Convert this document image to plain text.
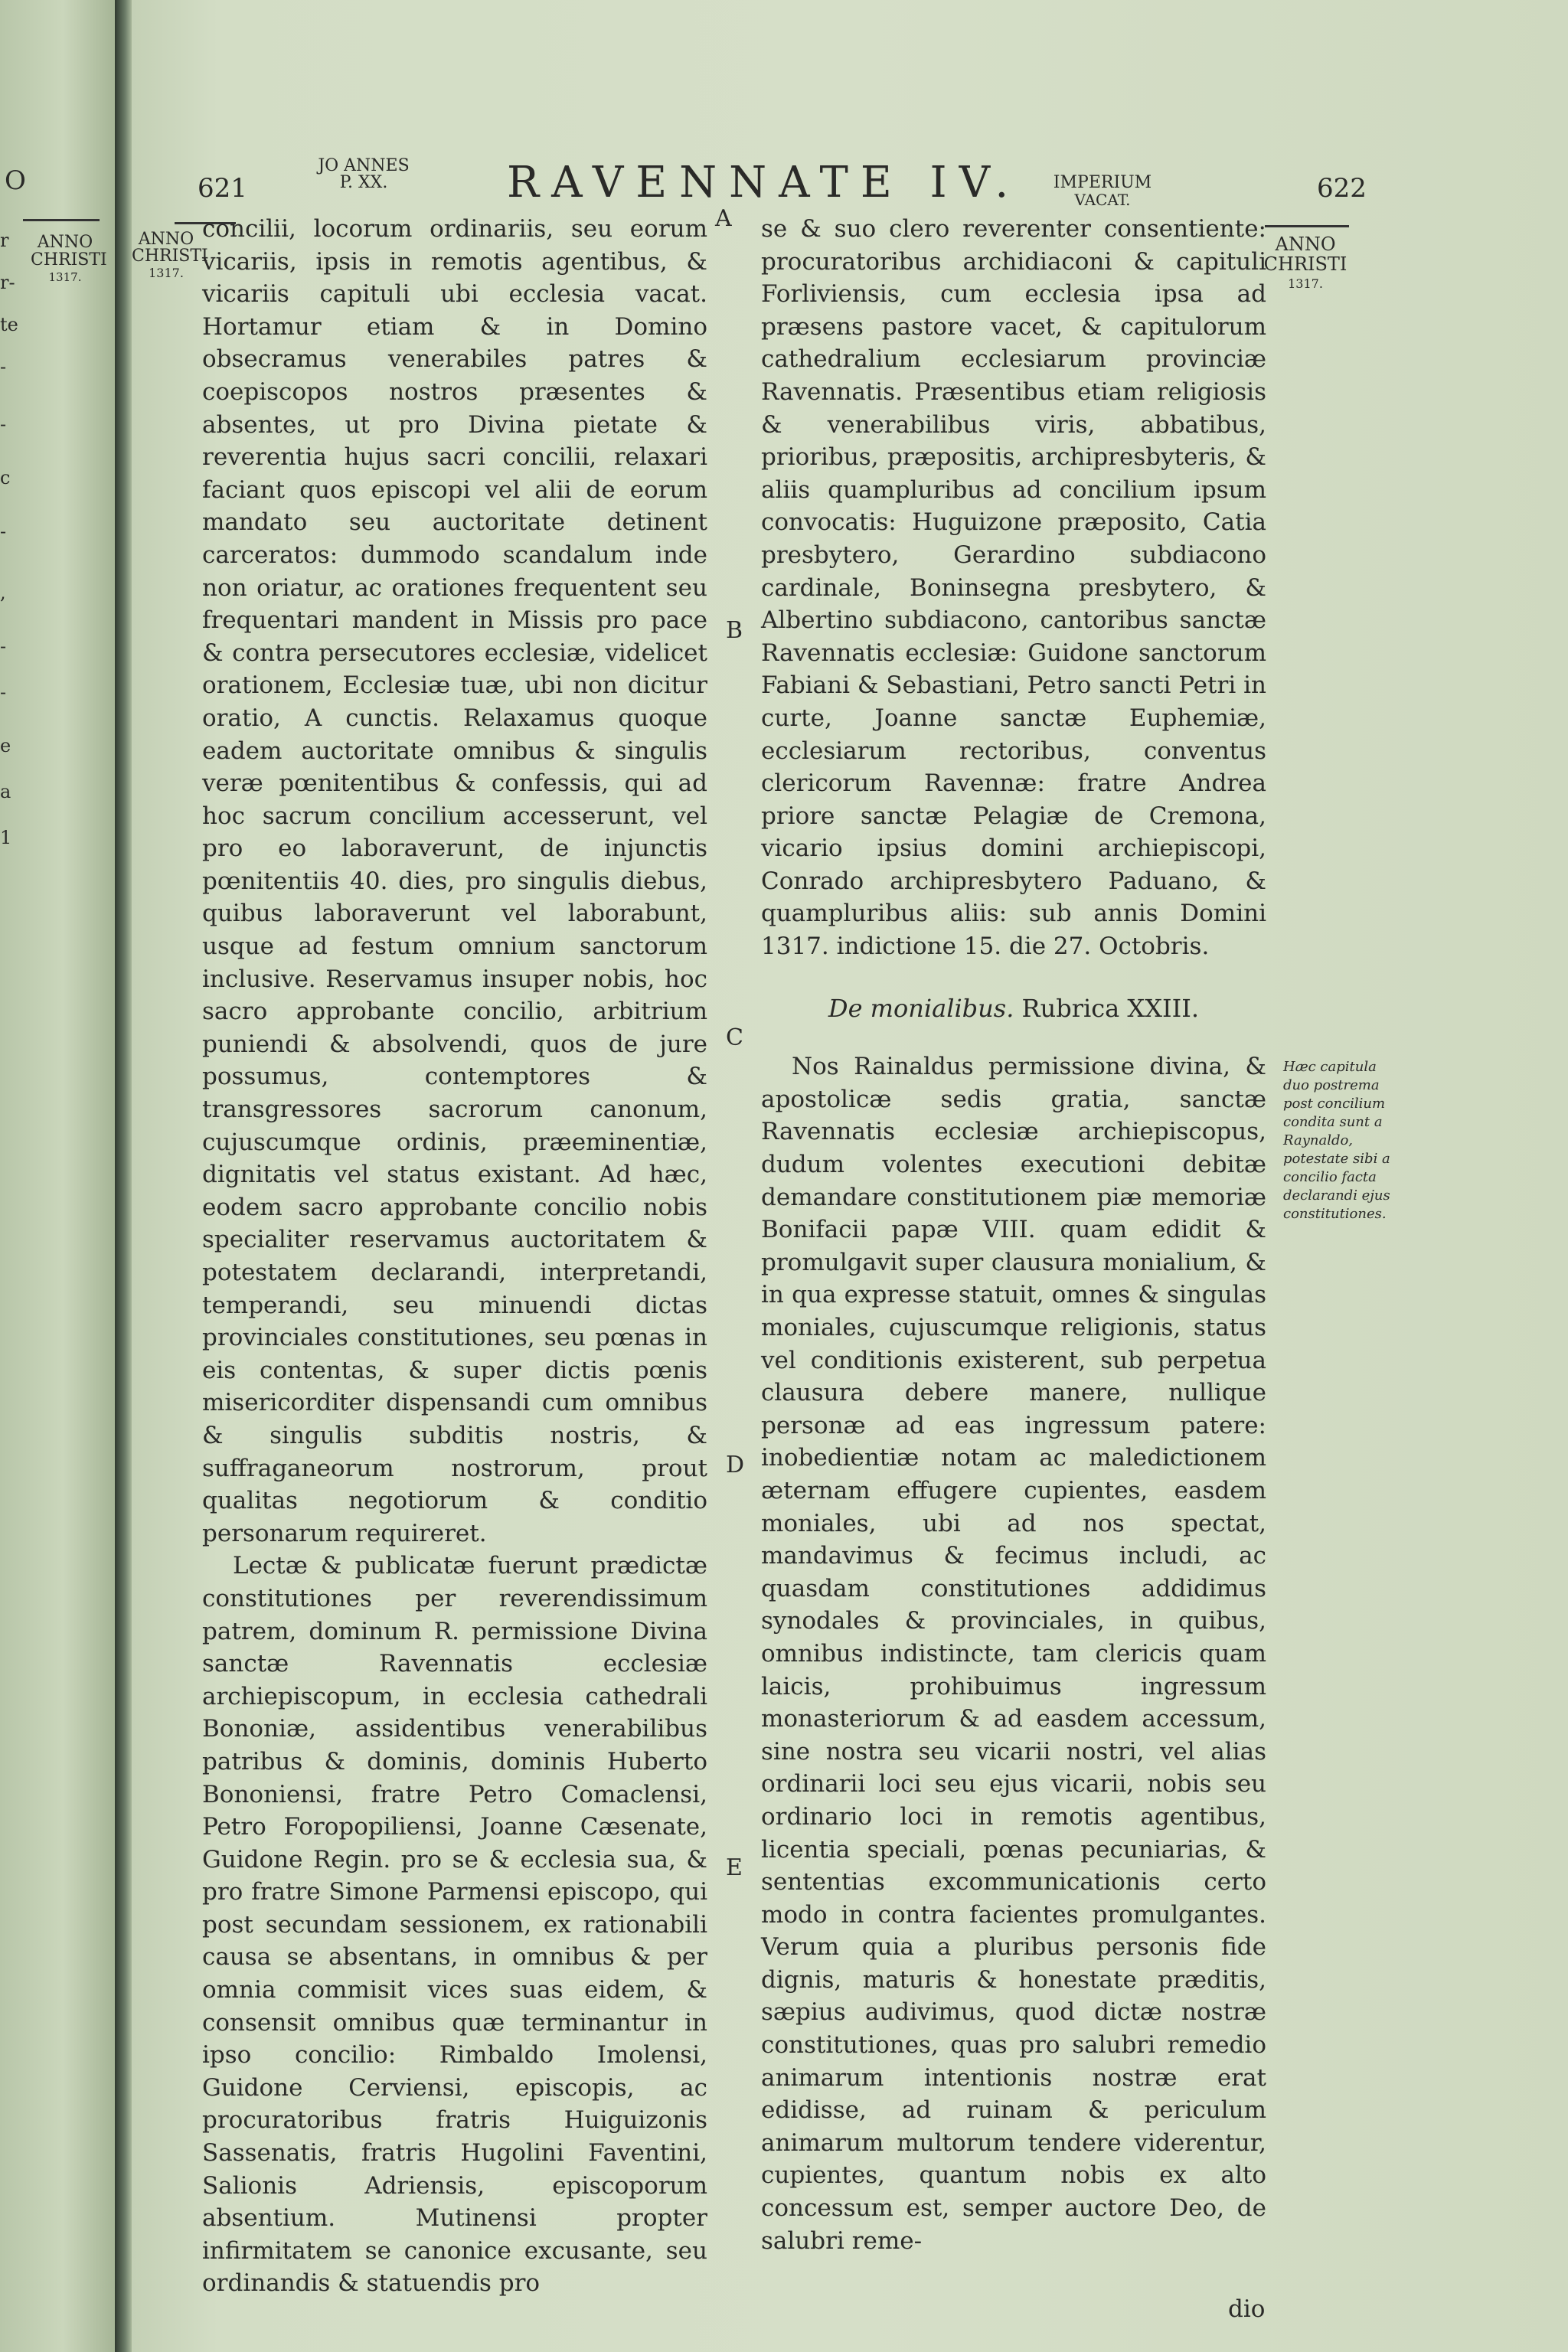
O
ANNO
CHRISTI
1317.
r
r-
te
-
-
c
-
,
-
-
e
a
1
621
JO ANNES
P. XX.	RAVENNATE IV.	IMPERIUM
VACAT.	622
ANNO
CHRISTI
1317.
ANNO
CHRISTI
1317.
A
B
C
D
E

concilii, locorum ordinariis, seu eorum vicariis, ipsis in remotis agentibus, & vicariis capituli ubi ecclesia vacat. Hortamur etiam & in Domino obsecramus venerabiles patres & coepiscopos nostros præsentes & absentes, ut pro Divina pietate & reverentia hujus sacri concilii, relaxari faciant quos episcopi vel alii de eorum mandato seu auctoritate detinent carceratos: dummodo scandalum inde non oriatur, ac orationes frequentent seu frequentari mandent in Missis pro pace & contra persecutores ecclesiæ, videlicet orationem, Ecclesiæ tuæ, ubi non dicitur oratio, A cunctis. Relaxamus quoque eadem auctoritate omnibus & singulis veræ pœnitentibus & confessis, qui ad hoc sacrum concilium accesserunt, vel pro eo laboraverunt, de injunctis pœnitentiis 40. dies, pro singulis diebus, quibus laboraverunt vel laborabunt, usque ad festum omnium sanctorum inclusive. Reservamus insuper nobis, hoc sacro approbante concilio, arbitrium puniendi & absolvendi, quos de jure possumus, contemptores & transgressores sacrorum canonum, cujuscumque ordinis, præeminentiæ, dignitatis vel status existant. Ad hæc, eodem sacro approbante concilio nobis specialiter reservamus auctoritatem & potestatem declarandi, interpretandi, temperandi, seu minuendi dictas provinciales constitutiones, seu pœnas in eis contentas, & super dictis pœnis misericorditer dispensandi cum omnibus & singulis subditis nostris, & suffraganeorum nostrorum, prout qualitas negotiorum & conditio personarum requireret.

Lectæ & publicatæ fuerunt prædictæ constitutiones per reverendissimum patrem, dominum R. permissione Divina sanctæ Ravennatis ecclesiæ archiepiscopum, in ecclesia cathedrali Bononiæ, assidentibus venerabilibus patribus & dominis, dominis Huberto Bononiensi, fratre Petro Comaclensi, Petro Foropopiliensi, Joanne Cæsenate, Guidone Regin. pro se & ecclesia sua, & pro fratre Simone Parmensi episcopo, qui post secundam sessionem, ex rationabili causa se absentans, in omnibus & per omnia commisit vices suas eidem, & consensit omnibus quæ terminantur in ipso concilio: Rimbaldo Imolensi, Guidone Cerviensi, episcopis, ac procuratoribus fratris Huiguizonis Sassenatis, fratris Hugolini Faventini, Salionis Adriensis, episcoporum absentium. Mutinensi propter infirmitatem se canonice excusante, seu ordinandis & statuendis pro

se & suo clero reverenter consentiente: procuratoribus archidiaconi & capituli Forliviensis, cum ecclesia ipsa ad præsens pastore vacet, & capitulorum cathedralium ecclesiarum provinciæ Ravennatis. Præsentibus etiam religiosis & venerabilibus viris, abbatibus, prioribus, præpositis, archipresbyteris, & aliis quampluribus ad concilium ipsum convocatis: Huguizone præposito, Catia presbytero, Gerardino subdiacono cardinale, Boninsegna presbytero, & Albertino subdiacono, cantoribus sanctæ Ravennatis ecclesiæ: Guidone sanctorum Fabiani & Sebastiani, Petro sancti Petri in curte, Joanne sanctæ Euphemiæ, ecclesiarum rectoribus, conventus clericorum Ravennæ: fratre Andrea priore sanctæ Pelagiæ de Cremona, vicario ipsius domini archiepiscopi, Conrado archipresbytero Paduano, & quampluribus aliis: sub annis Domini 1317. indictione 15. die 27. Octobris.

De monialibus. Rubrica XXIII.

Nos Rainaldus permissione divina, & apostolicæ sedis gratia, sanctæ Ravennatis ecclesiæ archiepiscopus, dudum volentes executioni debitæ demandare constitutionem piæ memoriæ Bonifacii papæ VIII. quam edidit & promulgavit super clausura monialium, & in qua expresse statuit, omnes & singulas moniales, cujuscumque religionis, status vel conditionis existerent, sub perpetua clausura debere manere, nullique personæ ad eas ingressum patere: inobedientiæ notam ac maledictionem æternam effugere cupientes, easdem moniales, ubi ad nos spectat, mandavimus & fecimus includi, ac quasdam constitutiones addidimus synodales & provinciales, in quibus, omnibus indistincte, tam clericis quam laicis, prohibuimus ingressum monasteriorum & ad easdem accessum, sine nostra seu vicarii nostri, vel alias ordinarii loci seu ejus vicarii, nobis seu ordinario loci in remotis agentibus, licentia speciali, pœnas pecuniarias, & sententias excommunicationis certo modo in contra facientes promulgantes. Verum quia a pluribus personis fide dignis, maturis & honestate præditis, sæpius audivimus, quod dictæ nostræ constitutiones, quas pro salubri remedio animarum intentionis nostræ erat edidisse, ad ruinam & periculum animarum multorum tendere viderentur, cupientes, quantum nobis ex alto concessum est, semper auctore Deo, de salubri reme-

Hæc capitula duo postrema post concilium condita sunt a Raynaldo, potestate sibi a concilio facta declarandi ejus constitutiones.
dio
